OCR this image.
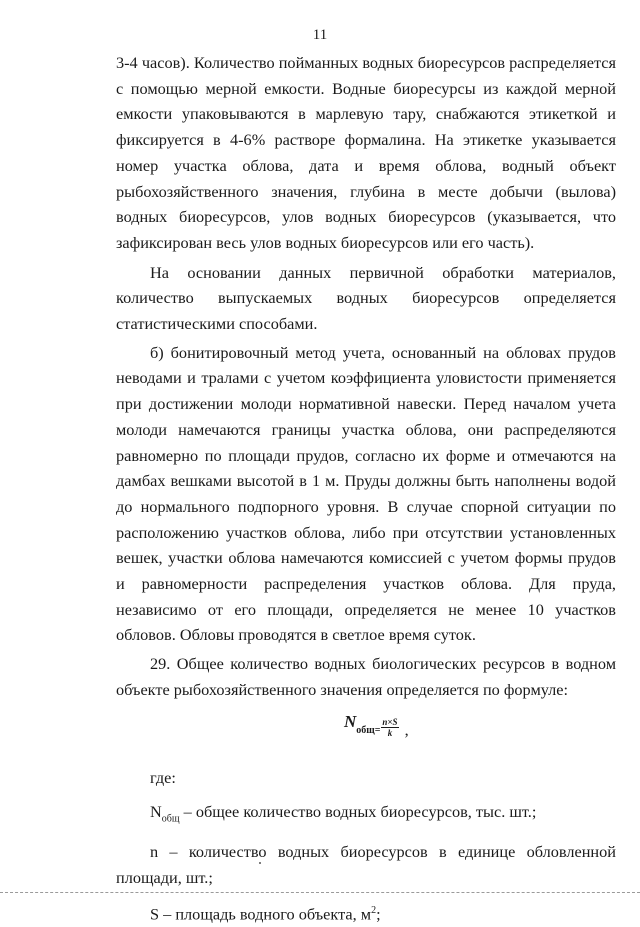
11

3-4 часов). Количество пойманных водных биоресурсов распределяется с помощью мерной емкости. Водные биоресурсы из каждой мерной емкости упаковываются в марлевую тару, снабжаются этикеткой и фиксируется в 4-6% растворе формалина. На этикетке указывается номер участка облова, дата и время облова, водный объект рыбохозяйственного значения, глубина в месте добычи (вылова) водных биоресурсов, улов водных биоресурсов (указывается, что зафиксирован весь улов водных биоресурсов или его часть).

На основании данных первичной обработки материалов, количество выпускаемых водных биоресурсов определяется статистическими способами.

б) бонитировочный метод учета, основанный на обловах прудов неводами и тралами с учетом коэффициента уловистости применяется при достижении молоди нормативной навески. Перед началом учета молоди намечаются границы участка облова, они распределяются равномерно по площади прудов, согласно их форме и отмечаются на дамбах вешками высотой в 1 м. Пруды должны быть наполнены водой до нормального подпорного уровня. В случае спорной ситуации по расположению участков облова, либо при отсутствии установленных вешек, участки облова намечаются комиссией с учетом формы прудов и равномерности распределения участков облова. Для пруда, независимо от его площади, определяется не менее 10 участков обловов. Обловы проводятся в светлое время суток.

29. Общее количество водных биологических ресурсов в водном объекте рыбохозяйственного значения определяется по формуле:

$N_{общ=} \frac{n\times S}{k}$ ,

где:

$N_{общ}$ – общее количество водных биоресурсов, тыс. шт.;

n – количество водных биоресурсов в единице обловленной площади, шт.;

S – площадь водного объекта, $м^2$;
